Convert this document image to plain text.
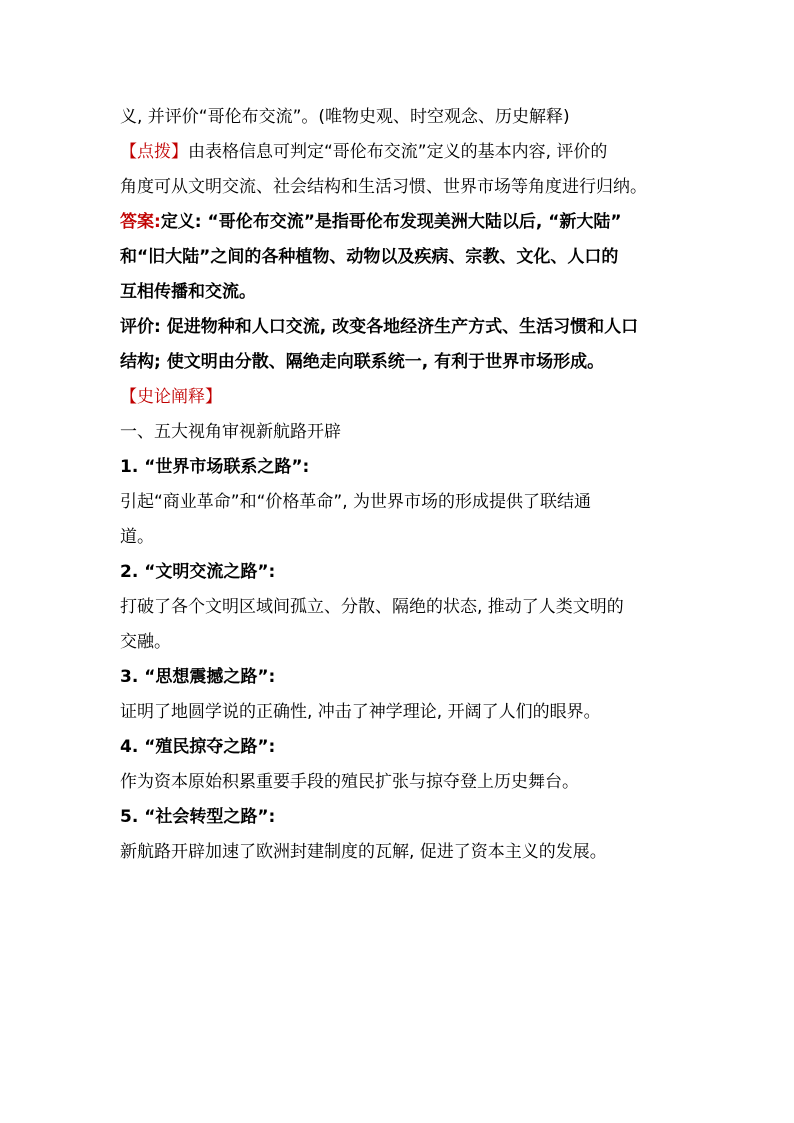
义, 并评价“哥伦布交流”。(唯物史观、时空观念、历史解释)
【点拨】由表格信息可判定“哥伦布交流”定义的基本内容, 评价的
角度可从文明交流、社会结构和生活习惯、世界市场等角度进行归纳。
答案:定义: “哥伦布交流”是指哥伦布发现美洲大陆以后, “新大陆”
和“旧大陆”之间的各种植物、动物以及疾病、宗教、文化、人口的
互相传播和交流。
评价: 促进物种和人口交流, 改变各地经济生产方式、生活习惯和人口
结构; 使文明由分散、隔绝走向联系统一, 有利于世界市场形成。
【史论阐释】
一、五大视角审视新航路开辟
1. “世界市场联系之路”:
引起“商业革命”和“价格革命”, 为世界市场的形成提供了联结通
道。
2. “文明交流之路”:
打破了各个文明区域间孤立、分散、隔绝的状态, 推动了人类文明的
交融。
3. “思想震撼之路”:
证明了地圆学说的正确性, 冲击了神学理论, 开阔了人们的眼界。
4. “殖民掠夺之路”:
作为资本原始积累重要手段的殖民扩张与掠夺登上历史舞台。
5. “社会转型之路”:
新航路开辟加速了欧洲封建制度的瓦解, 促进了资本主义的发展。
